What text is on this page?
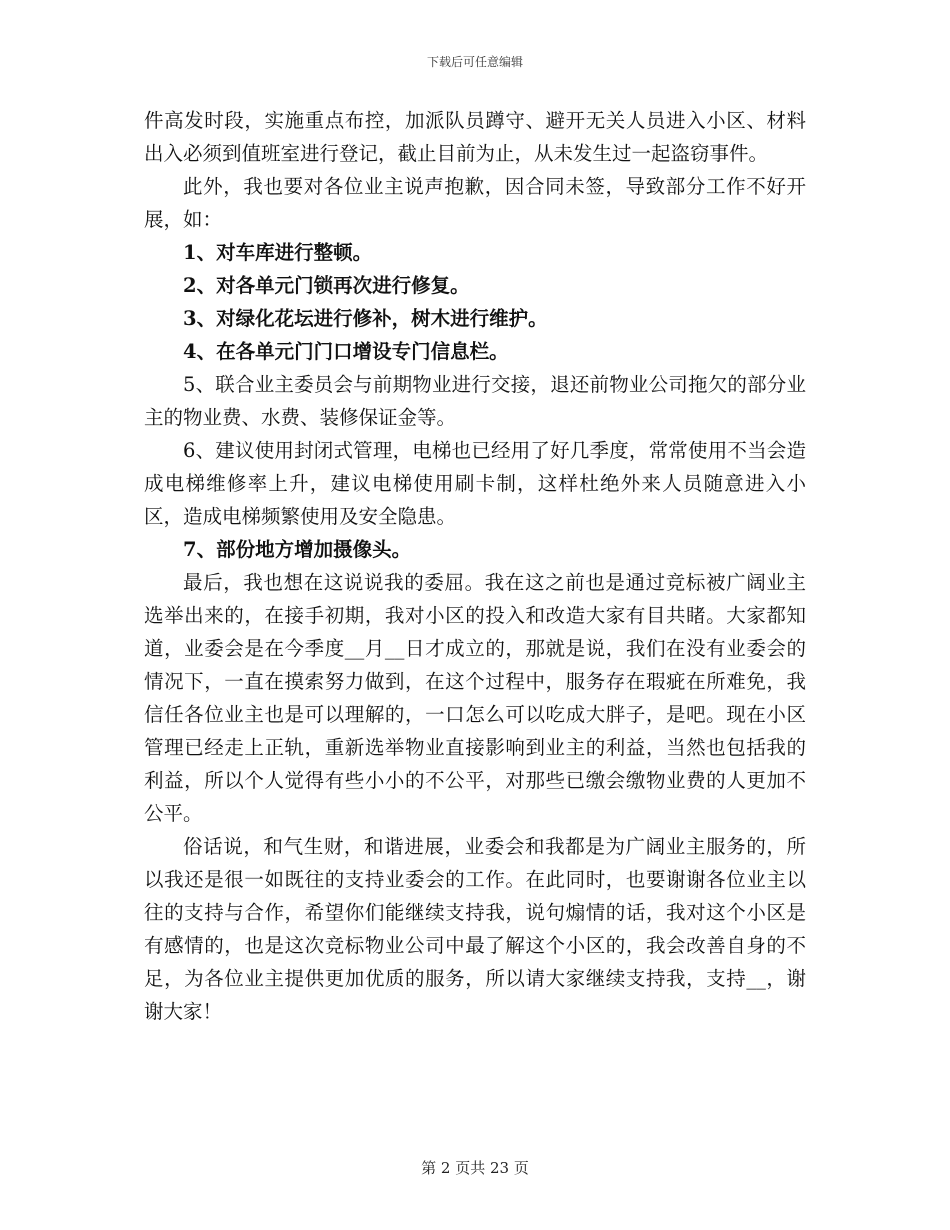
下载后可任意编辑

件高发时段，实施重点布控，加派队员蹲守、避开无关人员进入小区、材料出入必须到值班室进行登记，截止目前为止，从未发生过一起盗窃事件。

此外，我也要对各位业主说声抱歉，因合同未签，导致部分工作不好开展，如：

1、对车库进行整顿。

2、对各单元门锁再次进行修复。

3、对绿化花坛进行修补，树木进行维护。

4、在各单元门门口增设专门信息栏。

5、联合业主委员会与前期物业进行交接，退还前物业公司拖欠的部分业主的物业费、水费、装修保证金等。

6、建议使用封闭式管理，电梯也已经用了好几季度，常常使用不当会造成电梯维修率上升，建议电梯使用刷卡制，这样杜绝外来人员随意进入小区，造成电梯频繁使用及安全隐患。

7、部份地方增加摄像头。

最后，我也想在这说说我的委屈。我在这之前也是通过竞标被广阔业主选举出来的，在接手初期，我对小区的投入和改造大家有目共睹。大家都知道，业委会是在今季度__月__日才成立的，那就是说，我们在没有业委会的情况下，一直在摸索努力做到，在这个过程中，服务存在瑕疵在所难免，我信任各位业主也是可以理解的，一口怎么可以吃成大胖子，是吧。现在小区管理已经走上正轨，重新选举物业直接影响到业主的利益，当然也包括我的利益，所以个人觉得有些小小的不公平，对那些已缴会缴物业费的人更加不公平。

俗话说，和气生财，和谐进展，业委会和我都是为广阔业主服务的，所以我还是很一如既往的支持业委会的工作。在此同时，也要谢谢各位业主以往的支持与合作，希望你们能继续支持我，说句煽情的话，我对这个小区是有感情的，也是这次竞标物业公司中最了解这个小区的，我会改善自身的不足，为各位业主提供更加优质的服务，所以请大家继续支持我，支持__，谢谢大家！

第 2 页共 23 页
